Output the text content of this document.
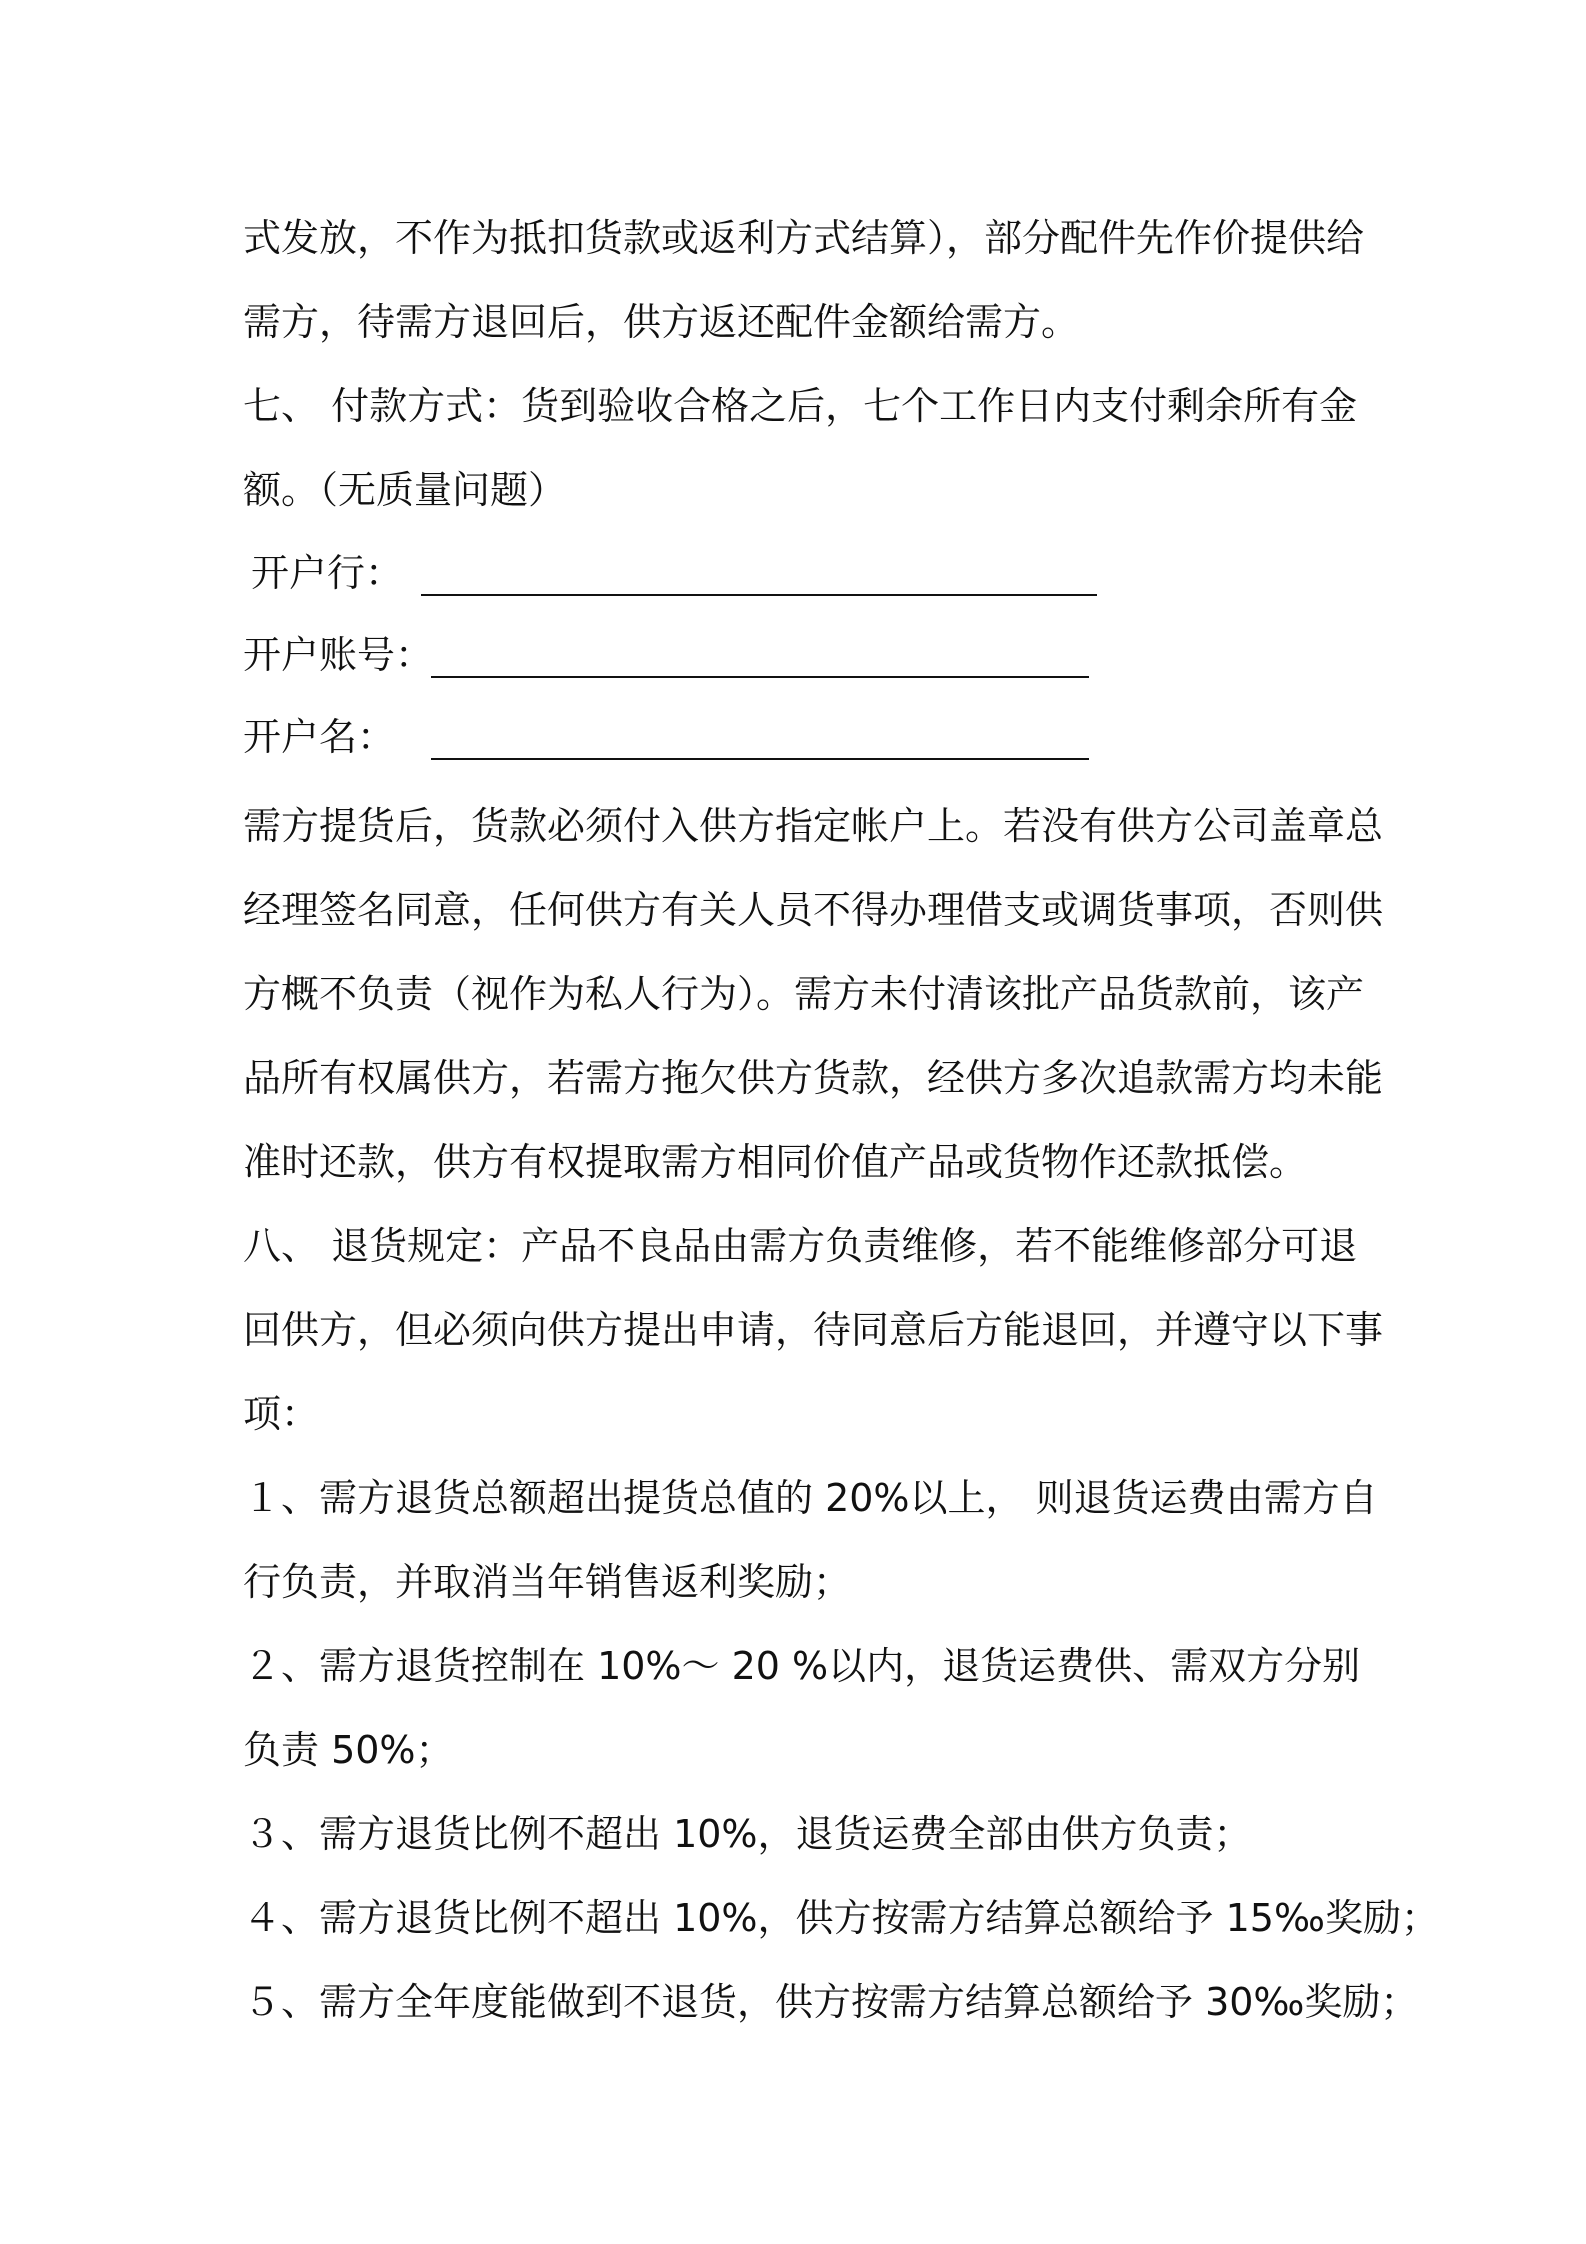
式发放，不作为抵扣货款或返利方式结算），部分配件先作价提供给
需方，待需方退回后，供方返还配件金额给需方。
七、 付款方式：货到验收合格之后，七个工作日内支付剩余所有金
额。（无质量问题）
开户行：
开户账号：
开户名：
需方提货后，货款必须付入供方指定帐户上。若没有供方公司盖章总
经理签名同意，任何供方有关人员不得办理借支或调货事项，否则供
方概不负责（视作为私人行为）。需方未付清该批产品货款前，该产
品所有权属供方，若需方拖欠供方货款，经供方多次追款需方均未能
准时还款，供方有权提取需方相同价值产品或货物作还款抵偿。
八、 退货规定：产品不良品由需方负责维修，若不能维修部分可退
回供方，但必须向供方提出申请，待同意后方能退回，并遵守以下事
项：
１、需方退货总额超出提货总值的 20%以上， 则退货运费由需方自
行负责，并取消当年销售返利奖励；
２、需方退货控制在 10%～ 20 %以内，退货运费供、需双方分别
负责 50%；
３、需方退货比例不超出 10%，退货运费全部由供方负责；
４、需方退货比例不超出 10%，供方按需方结算总额给予 15‰奖励；
５、需方全年度能做到不退货，供方按需方结算总额给予 30‰奖励；
